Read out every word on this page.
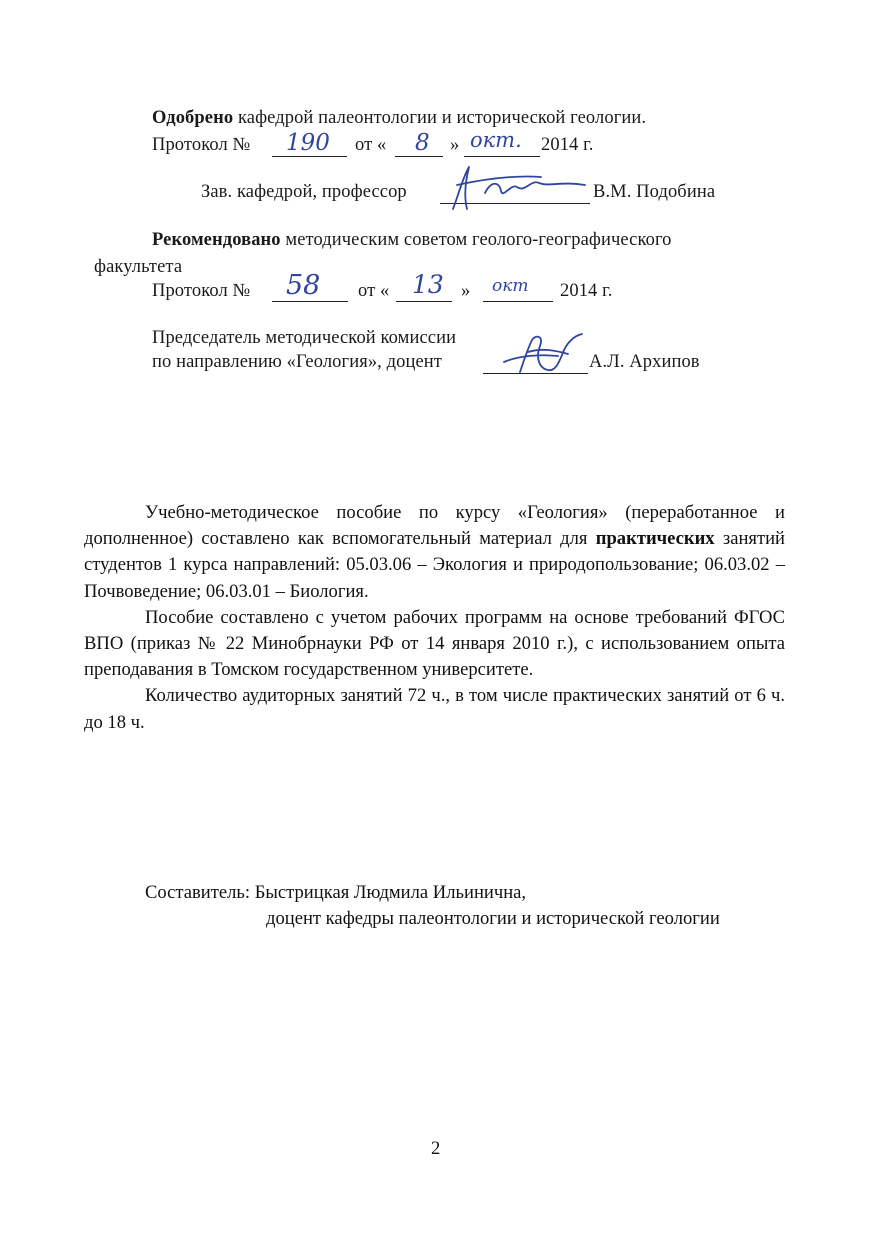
Одобрено кафедрой палеонтологии и исторической геологии.
Протокол № 190 от « 8 » окт. 2014 г.
Зав. кафедрой, профессор	В.М. Подобина
Рекомендовано методическим советом геолого-географического
факультета
Протокол № 58 от « 13 » окт 2014 г.
Председатель методической комиссии
по направлению «Геология», доцент	А.Л. Архипов

Учебно-методическое пособие по курсу «Геология» (переработанное и дополненное) составлено как вспомогательный материал для практических занятий студентов 1 курса направлений: 05.03.06 – Экология и природопользование; 06.03.02 – Почвоведение; 06.03.01 – Биология.

Пособие составлено с учетом рабочих программ на основе требований ФГОС ВПО (приказ № 22 Минобрнауки РФ от 14 января 2010 г.), с использованием опыта преподавания в Томском государственном университете.

Количество аудиторных занятий 72 ч., в том числе практических занятий от 6 ч. до 18 ч.

Составитель: Быстрицкая Людмила Ильинична,
доцент кафедры палеонтологии и исторической геологии
2
